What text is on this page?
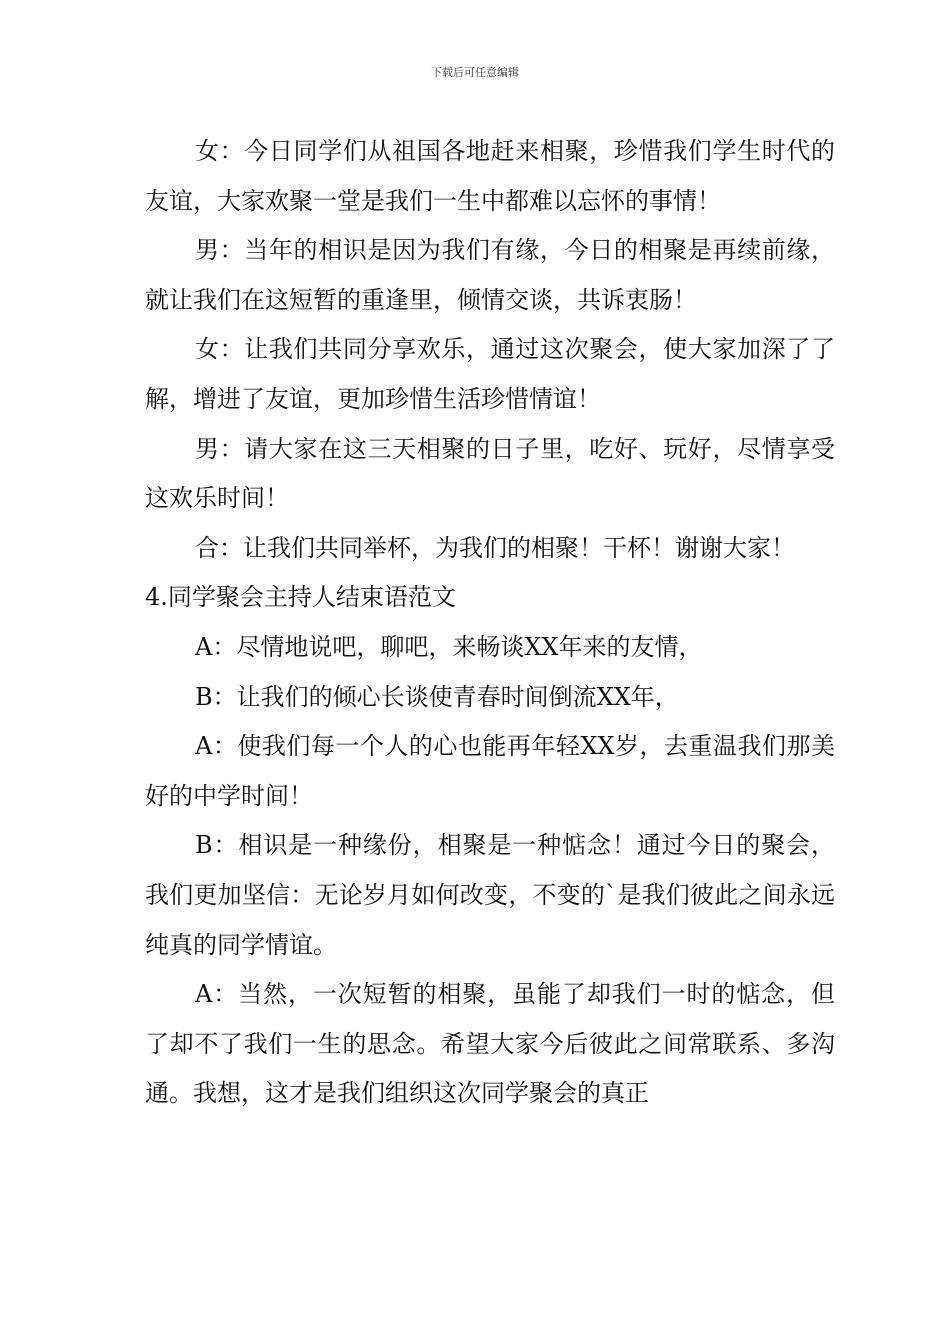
下载后可任意编辑

女：今日同学们从祖国各地赶来相聚，珍惜我们学生时代的友谊，大家欢聚一堂是我们一生中都难以忘怀的事情！

男：当年的相识是因为我们有缘，今日的相聚是再续前缘，就让我们在这短暂的重逢里，倾情交谈，共诉衷肠！

女：让我们共同分享欢乐，通过这次聚会，使大家加深了了解，增进了友谊，更加珍惜生活珍惜情谊！

男：请大家在这三天相聚的日子里，吃好、玩好，尽情享受这欢乐时间！

合：让我们共同举杯，为我们的相聚！干杯！谢谢大家！

4.同学聚会主持人结束语范文

A：尽情地说吧，聊吧，来畅谈XX年来的友情，

B：让我们的倾心长谈使青春时间倒流XX年，

A：使我们每一个人的心也能再年轻XX岁，去重温我们那美好的中学时间！

B：相识是一种缘份，相聚是一种惦念！通过今日的聚会，我们更加坚信：无论岁月如何改变，不变的`是我们彼此之间永远纯真的同学情谊。

A：当然，一次短暂的相聚，虽能了却我们一时的惦念，但了却不了我们一生的思念。希望大家今后彼此之间常联系、多沟通。我想，这才是我们组织这次同学聚会的真正
